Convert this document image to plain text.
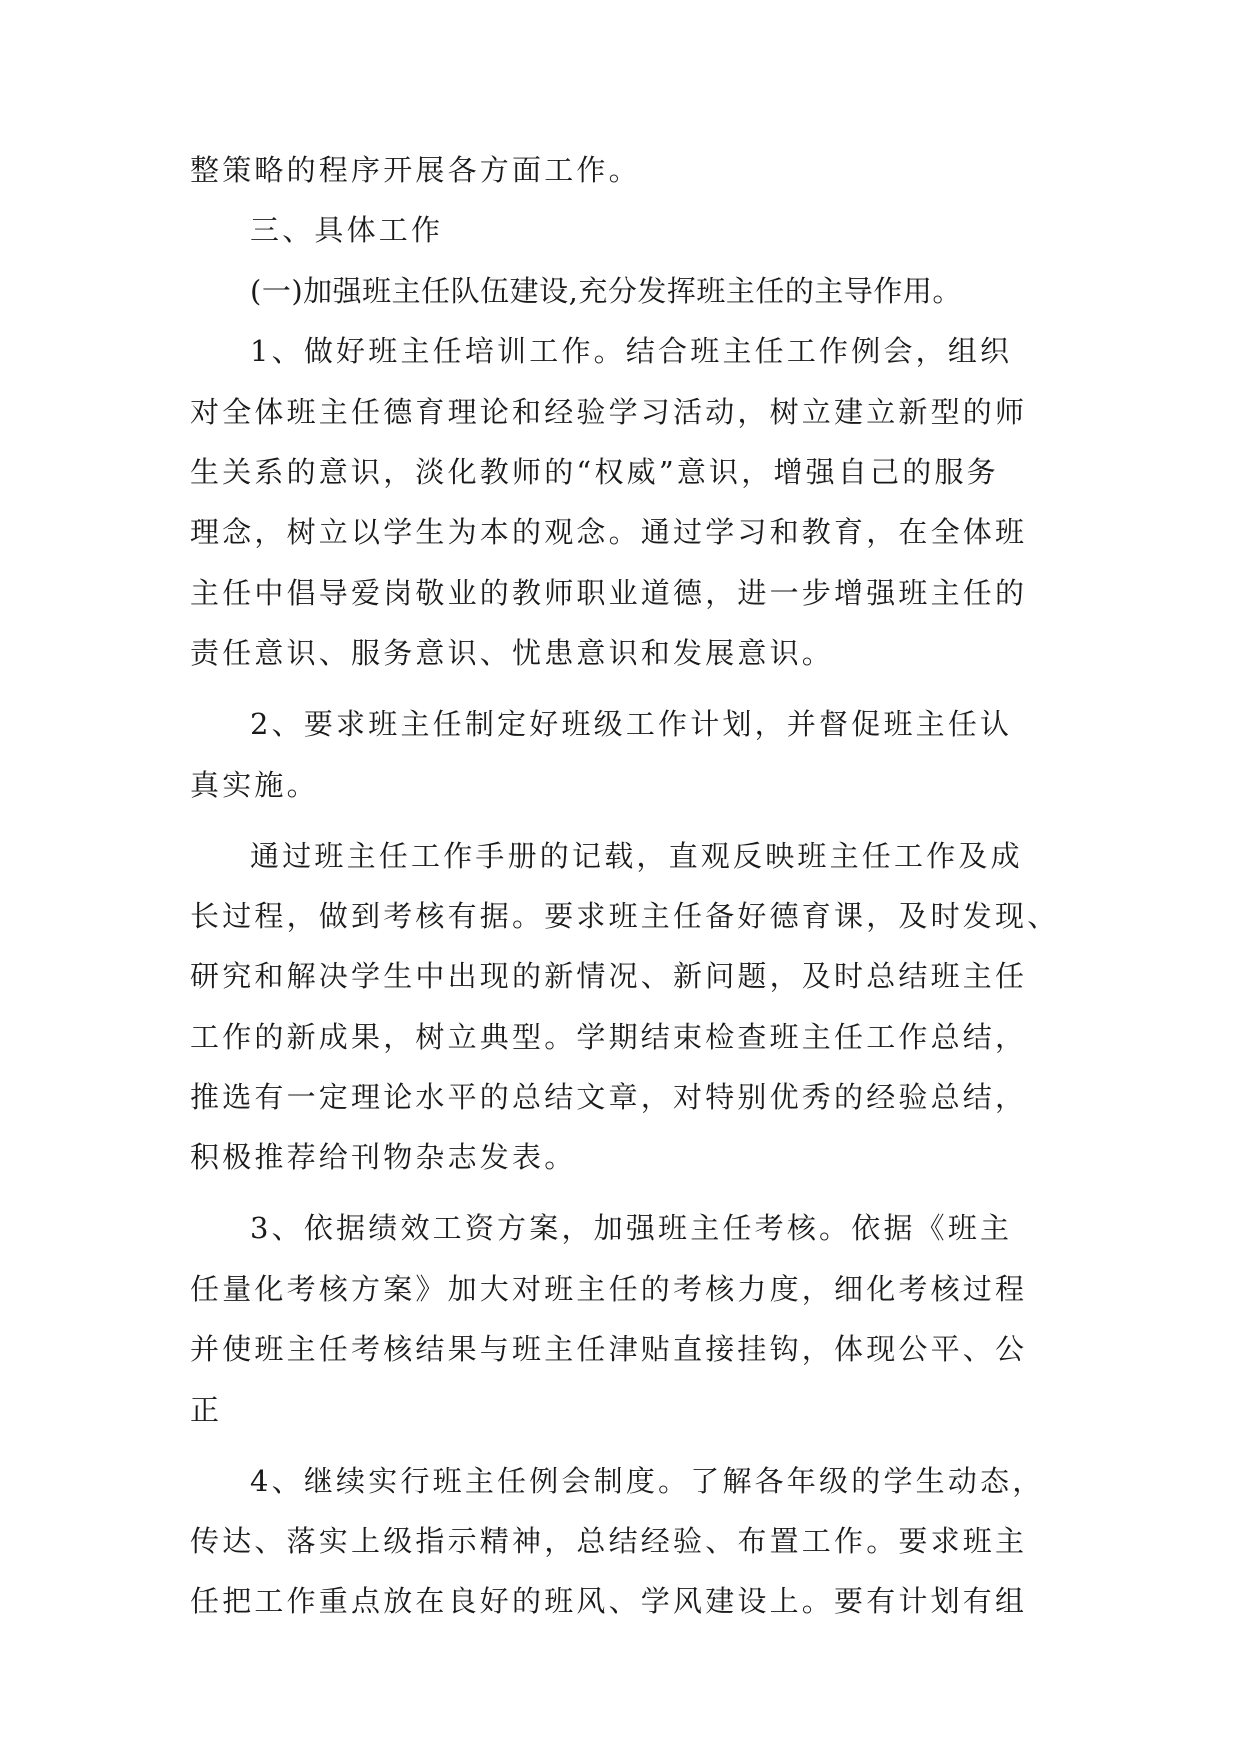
整策略的程序开展各方面工作。

三、具体工作

(一)加强班主任队伍建设,充分发挥班主任的主导作用。

1、做好班主任培训工作。结合班主任工作例会，组织

对全体班主任德育理论和经验学习活动，树立建立新型的师

生关系的意识，淡化教师的“权威”意识，增强自己的服务

理念，树立以学生为本的观念。通过学习和教育，在全体班

主任中倡导爱岗敬业的教师职业道德，进一步增强班主任的

责任意识、服务意识、忧患意识和发展意识。

2、要求班主任制定好班级工作计划，并督促班主任认

真实施。

通过班主任工作手册的记载，直观反映班主任工作及成

长过程，做到考核有据。要求班主任备好德育课，及时发现、

研究和解决学生中出现的新情况、新问题，及时总结班主任

工作的新成果，树立典型。学期结束检查班主任工作总结，

推选有一定理论水平的总结文章，对特别优秀的经验总结，

积极推荐给刊物杂志发表。

3、依据绩效工资方案，加强班主任考核。依据《班主

任量化考核方案》加大对班主任的考核力度，细化考核过程

并使班主任考核结果与班主任津贴直接挂钩，体现公平、公

正

4、继续实行班主任例会制度。了解各年级的学生动态，

传达、落实上级指示精神，总结经验、布置工作。要求班主

任把工作重点放在良好的班风、学风建设上。要有计划有组
